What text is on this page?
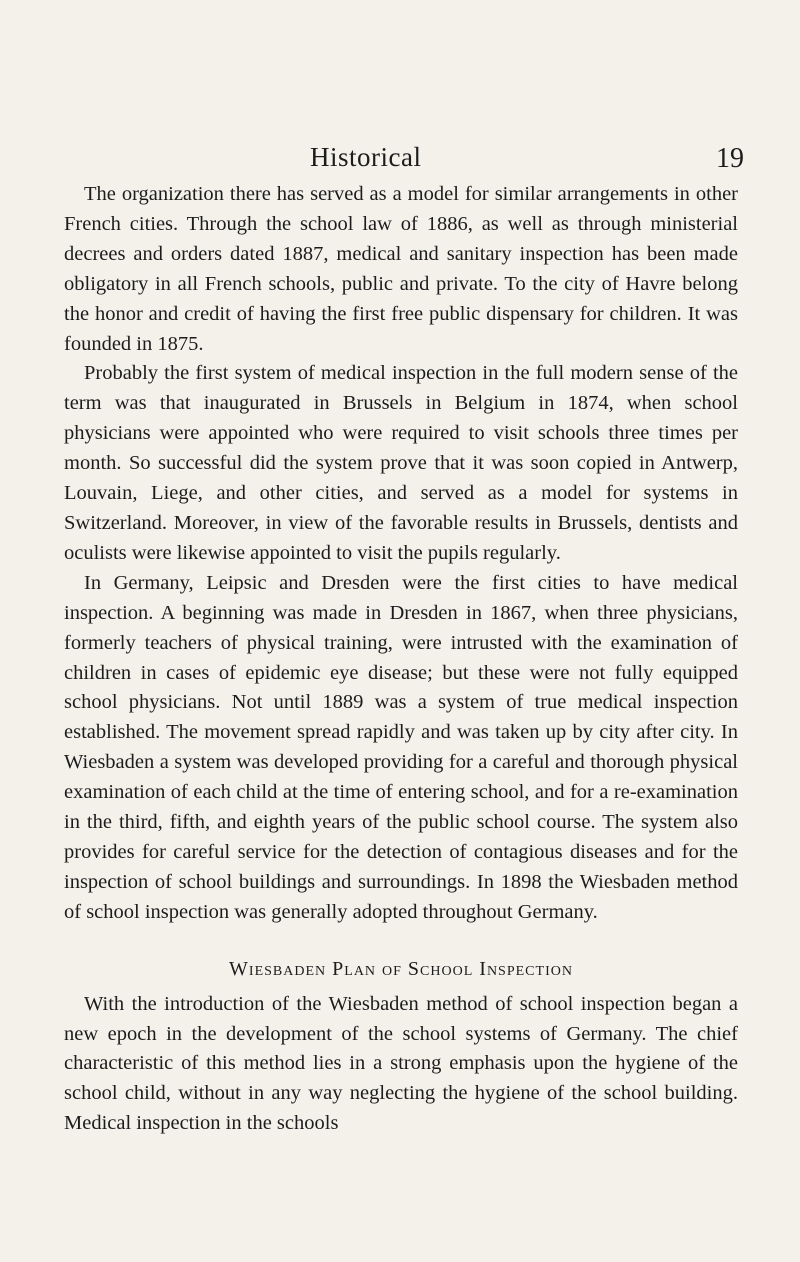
Historical	19

The organization there has served as a model for similar arrangements in other French cities. Through the school law of 1886, as well as through ministerial decrees and orders dated 1887, medical and sanitary inspection has been made obligatory in all French schools, public and private. To the city of Havre belong the honor and credit of having the first free public dispensary for children. It was founded in 1875.

Probably the first system of medical inspection in the full modern sense of the term was that inaugurated in Brussels in Belgium in 1874, when school physicians were appointed who were required to visit schools three times per month. So successful did the system prove that it was soon copied in Antwerp, Louvain, Liege, and other cities, and served as a model for systems in Switzerland. Moreover, in view of the favorable results in Brussels, dentists and oculists were likewise appointed to visit the pupils regularly.

In Germany, Leipsic and Dresden were the first cities to have medical inspection. A beginning was made in Dresden in 1867, when three physicians, formerly teachers of physical training, were intrusted with the examination of children in cases of epidemic eye disease; but these were not fully equipped school physicians. Not until 1889 was a system of true medical inspection established. The movement spread rapidly and was taken up by city after city. In Wiesbaden a system was developed providing for a careful and thorough physical examination of each child at the time of entering school, and for a re-examination in the third, fifth, and eighth years of the public school course. The system also provides for careful service for the detection of contagious diseases and for the inspection of school buildings and surroundings. In 1898 the Wiesbaden method of school inspection was generally adopted throughout Germany.

Wiesbaden Plan of School Inspection

With the introduction of the Wiesbaden method of school inspection began a new epoch in the development of the school systems of Germany. The chief characteristic of this method lies in a strong emphasis upon the hygiene of the school child, without in any way neglecting the hygiene of the school building. Medical inspection in the schools
